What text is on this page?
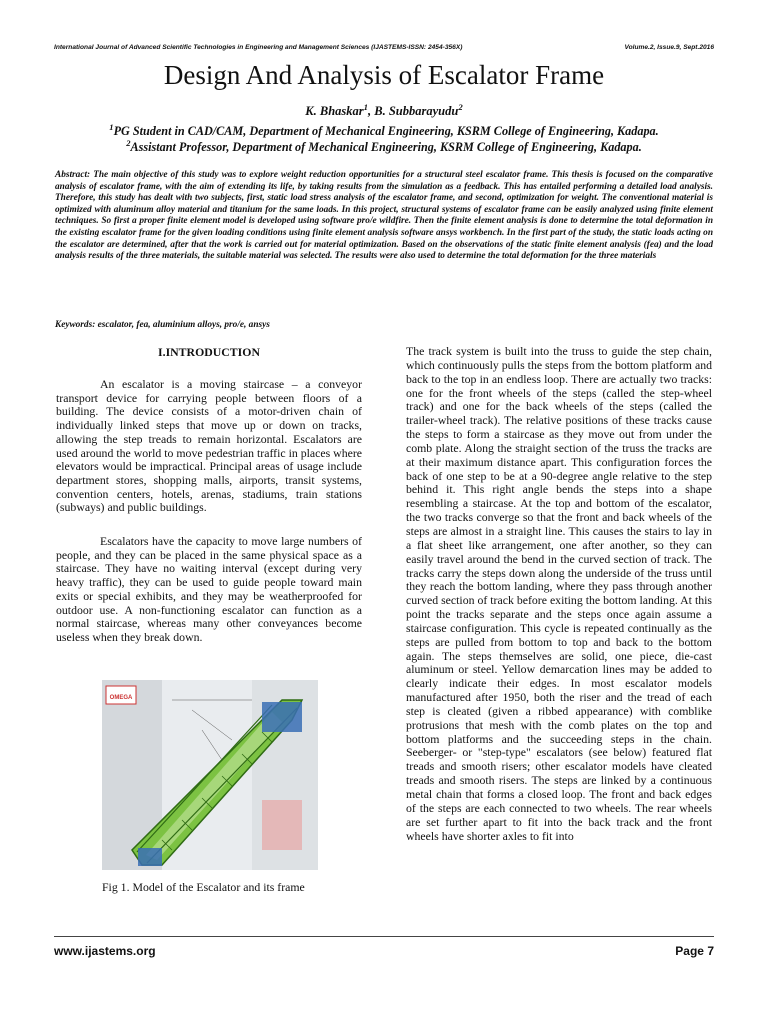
International Journal of Advanced Scientific Technologies in Engineering and Management Sciences (IJASTEMS-ISSN: 2454-356X)	Volume.2, Issue.9, Sept.2016
Design And Analysis of Escalator Frame
K. Bhaskar$^1$, B. Subbarayudu$^2$
$^1$PG Student in CAD/CAM, Department of Mechanical Engineering, KSRM College of Engineering, Kadapa.
$^2$Assistant Professor, Department of Mechanical Engineering, KSRM College of Engineering, Kadapa.
Abstract: The main objective of this study was to explore weight reduction opportunities for a structural steel escalator frame. This thesis is focused on the comparative analysis of escalator frame, with the aim of extending its life, by taking results from the simulation as a feedback. This has entailed performing a detailed load analysis. Therefore, this study has dealt with two subjects, first, static load stress analysis of the escalator frame, and second, optimization for weight. The conventional material is optimized with aluminum alloy material and titanium for the same loads. In this project, structural systems of escalator frame can be easily analyzed using finite element techniques. So first a proper finite element model is developed using software pro/e wildfire. Then the finite element analysis is done to determine the total deformation in the existing escalator frame for the given loading conditions using finite element analysis software ansys workbench. In the first part of the study, the static loads acting on the escalator are determined, after that the work is carried out for material optimization. Based on the observations of the static finite element analysis (fea) and the load analysis results of the three materials, the suitable material was selected. The results were also used to determine the total deformation for the three materials
Keywords: escalator, fea, aluminium alloys, pro/e, ansys
I.INTRODUCTION

An escalator is a moving staircase – a conveyor transport device for carrying people between floors of a building. The device consists of a motor-driven chain of individually linked steps that move up or down on tracks, allowing the step treads to remain horizontal. Escalators are used around the world to move pedestrian traffic in places where elevators would be impractical. Principal areas of usage include department stores, shopping malls, airports, transit systems, convention centers, hotels, arenas, stadiums, train stations (subways) and public buildings.

Escalators have the capacity to move large numbers of people, and they can be placed in the same physical space as a staircase. They have no waiting interval (except during very heavy traffic), they can be used to guide people toward main exits or special exhibits, and they may be weatherproofed for outdoor use. A non-functioning escalator can function as a normal staircase, whereas many other conveyances become useless when they break down.

OMEGA
Fig 1. Model of the Escalator and its frame
The track system is built into the truss to guide the step chain, which continuously pulls the steps from the bottom platform and back to the top in an endless loop. There are actually two tracks: one for the front wheels of the steps (called the step-wheel track) and one for the back wheels of the steps (called the trailer-wheel track). The relative positions of these tracks cause the steps to form a staircase as they move out from under the comb plate. Along the straight section of the truss the tracks are at their maximum distance apart. This configuration forces the back of one step to be at a 90-degree angle relative to the step behind it. This right angle bends the steps into a shape resembling a staircase. At the top and bottom of the escalator, the two tracks converge so that the front and back wheels of the steps are almost in a straight line. This causes the stairs to lay in a flat sheet like arrangement, one after another, so they can easily travel around the bend in the curved section of track. The tracks carry the steps down along the underside of the truss until they reach the bottom landing, where they pass through another curved section of track before exiting the bottom landing. At this point the tracks separate and the steps once again assume a staircase configuration. This cycle is repeated continually as the steps are pulled from bottom to top and back to the bottom again. The steps themselves are solid, one piece, die-cast aluminum or steel. Yellow demarcation lines may be added to clearly indicate their edges. In most escalator models manufactured after 1950, both the riser and the tread of each step is cleated (given a ribbed appearance) with comblike protrusions that mesh with the comb plates on the top and bottom platforms and the succeeding steps in the chain. Seeberger- or "step-type" escalators (see below) featured flat treads and smooth risers; other escalator models have cleated treads and smooth risers. The steps are linked by a continuous metal chain that forms a closed loop. The front and back edges of the steps are each connected to two wheels. The rear wheels are set further apart to fit into the back track and the front wheels have shorter axles to fit into
www.ijastems.org	Page 7
